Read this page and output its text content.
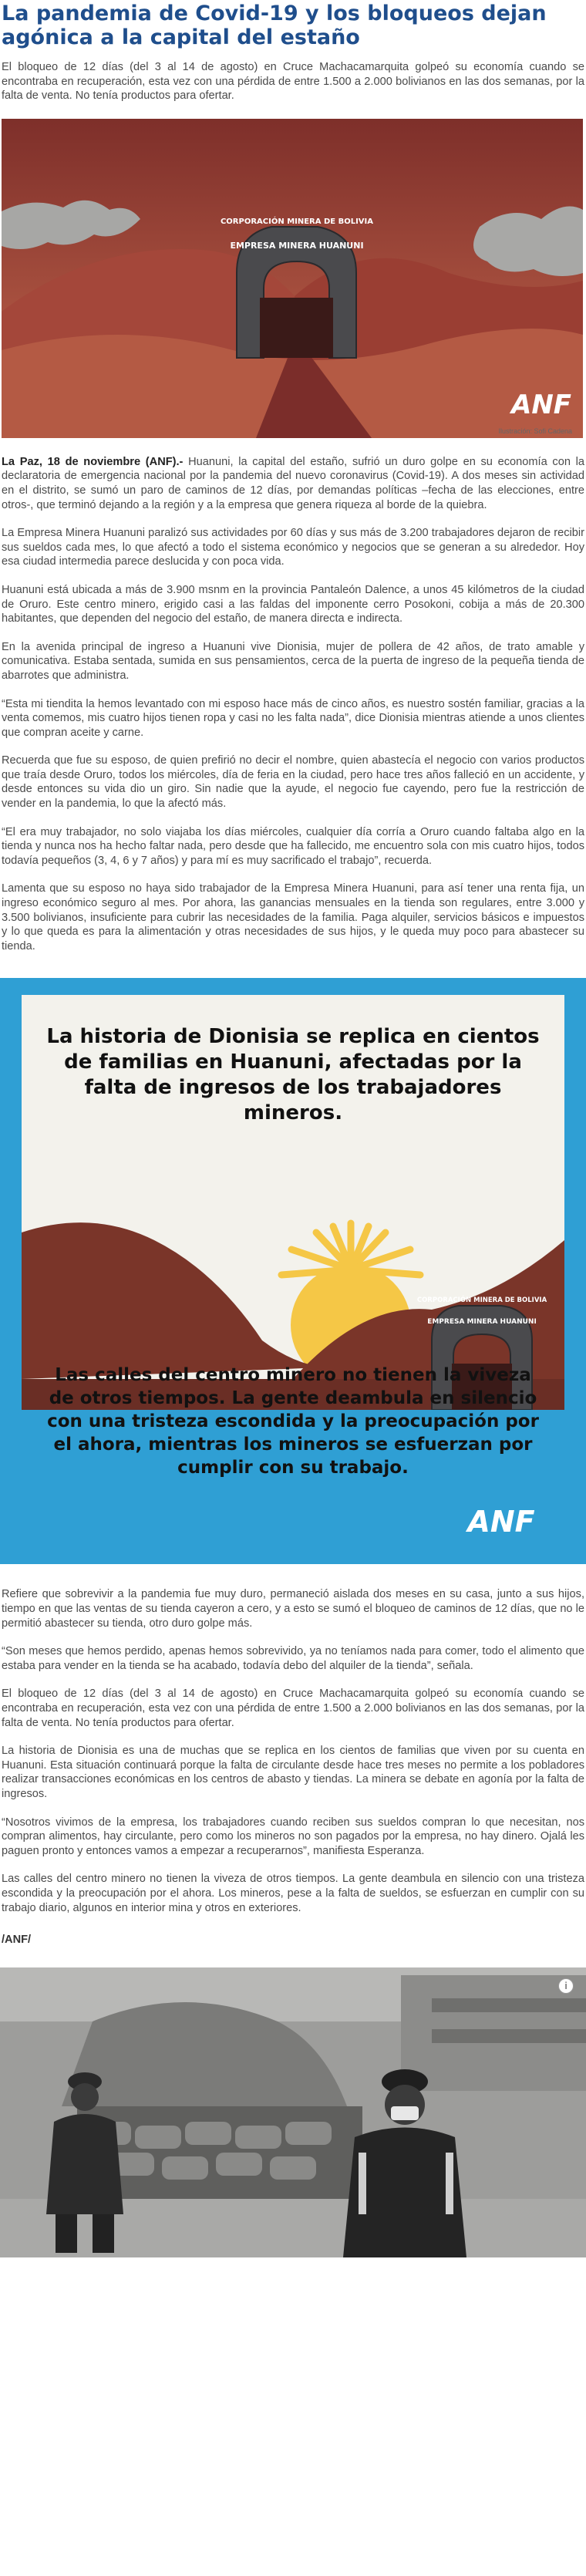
La pandemia de Covid-19 y los bloqueos dejan agónica a la capital del estaño

El bloqueo de 12 días (del 3 al 14 de agosto) en Cruce Machacamarquita golpeó su economía cuando se encontraba en recuperación, esta vez con una pérdida de entre 1.500 a 2.000 bolivianos en las dos semanas, por la falta de venta. No tenía productos para ofertar.

CORPORACIÓN MINERA DE BOLIVIA
EMPRESA MINERA HUANUNI
ANF
Ilustración: Sofi Cadena

La Paz, 18 de noviembre (ANF).- Huanuni, la capital del estaño, sufrió un duro golpe en su economía con la declaratoria de emergencia nacional por la pandemia del nuevo coronavirus (Covid-19). A dos meses sin actividad en el distrito, se sumó un paro de caminos de 12 días, por demandas políticas –fecha de las elecciones, entre otros-, que terminó dejando a la región y a la empresa que genera riqueza al borde de la quiebra.

La Empresa Minera Huanuni paralizó sus actividades por 60 días y sus más de 3.200 trabajadores dejaron de recibir sus sueldos cada mes, lo que afectó a todo el sistema económico y negocios que se generan a su alrededor. Hoy esa ciudad intermedia parece deslucida y con poca vida.

Huanuni está ubicada a más de 3.900 msnm en la provincia Pantaleón Dalence, a unos 45 kilómetros de la ciudad de Oruro. Este centro minero, erigido casi a las faldas del imponente cerro Posokoni, cobija a más de 20.300 habitantes, que dependen del negocio del estaño, de manera directa e indirecta.

En la avenida principal de ingreso a Huanuni vive Dionisia, mujer de pollera de 42 años, de trato amable y comunicativa. Estaba sentada, sumida en sus pensamientos, cerca de la puerta de ingreso de la pequeña tienda de abarrotes que administra.

“Esta mi tiendita la hemos levantado con mi esposo hace más de cinco años, es nuestro sostén familiar, gracias a la venta comemos, mis cuatro hijos tienen ropa y casi no les falta nada”, dice Dionisia mientras atiende a unos clientes que compran aceite y carne.

Recuerda que fue su esposo, de quien prefirió no decir el nombre, quien abastecía el negocio con varios productos que traía desde Oruro, todos los miércoles, día de feria en la ciudad, pero hace tres años falleció en un accidente, y desde entonces su vida dio un giro. Sin nadie que la ayude, el negocio fue cayendo, pero fue la restricción de vender en la pandemia, lo que la afectó más.

“El era muy trabajador, no solo viajaba los días miércoles, cualquier día corría a Oruro cuando faltaba algo en la tienda y nunca nos ha hecho faltar nada, pero desde que ha fallecido, me encuentro sola con mis cuatro hijos, todos todavía pequeños (3, 4, 6 y 7 años) y para mí es muy sacrificado el trabajo”, recuerda.

Lamenta que su esposo no haya sido trabajador de la Empresa Minera Huanuni, para así tener una renta fija, un ingreso económico seguro al mes. Por ahora, las ganancias mensuales en la tienda son regulares, entre 3.000 y 3.500 bolivianos, insuficiente para cubrir las necesidades de la familia. Paga alquiler, servicios básicos e impuestos y lo que queda es para la alimentación y otras necesidades de sus hijos, y le queda muy poco para abastecer su tienda.

CORPORACIÓN MINERA DE BOLIVIA
EMPRESA MINERA HUANUNI
ANF
La historia de Dionisia se replica en cientos de familias en Huanuni, afectadas por la falta de ingresos de los trabajadores mineros.
Las calles del centro minero no tienen la viveza de otros tiempos. La gente deambula en silencio con una tristeza escondida y la preocupación por el ahora, mientras los mineros se esfuerzan por cumplir con su trabajo.

Refiere que sobrevivir a la pandemia fue muy duro, permaneció aislada dos meses en su casa, junto a sus hijos, tiempo en que las ventas de su tienda cayeron a cero, y a esto se sumó el bloqueo de caminos de 12 días, que no le permitió abastecer su tienda, otro duro golpe más.

“Son meses que hemos perdido, apenas hemos sobrevivido, ya no teníamos nada para comer, todo el alimento que estaba para vender en la tienda se ha acabado, todavía debo del alquiler de la tienda”, señala.

El bloqueo de 12 días (del 3 al 14 de agosto) en Cruce Machacamarquita golpeó su economía cuando se encontraba en recuperación, esta vez con una pérdida de entre 1.500 a 2.000 bolivianos en las dos semanas, por la falta de venta. No tenía productos para ofertar.

La historia de Dionisia es una de muchas que se replica en los cientos de familias que viven por su cuenta en Huanuni. Esta situación continuará porque la falta de circulante desde hace tres meses no permite a los pobladores realizar transacciones económicas en los centros de abasto y tiendas. La minera se debate en agonía por la falta de ingresos.

“Nosotros vivimos de la empresa, los trabajadores cuando reciben sus sueldos compran lo que necesitan, nos compran alimentos, hay circulante, pero como los mineros no son pagados por la empresa, no hay dinero. Ojalá les paguen pronto y entonces vamos a empezar a recuperarnos”, manifiesta Esperanza.

Las calles del centro minero no tienen la viveza de otros tiempos. La gente deambula en silencio con una tristeza escondida y la preocupación por el ahora. Los mineros, pese a la falta de sueldos, se esfuerzan en cumplir con su trabajo diario, algunos en interior mina y otros en exteriores.

/ANF/
i
